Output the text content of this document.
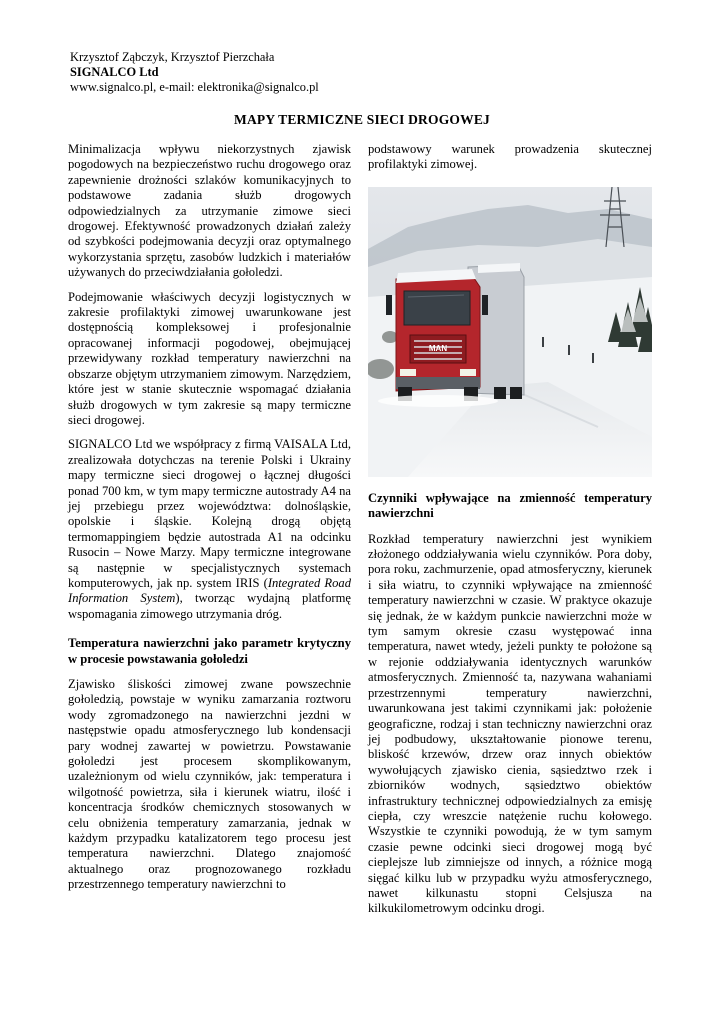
Krzysztof Ząbczyk, Krzysztof Pierzchała
SIGNALCO Ltd
www.signalco.pl, e-mail: elektronika@signalco.pl
MAPY TERMICZNE SIECI DROGOWEJ

Minimalizacja wpływu niekorzystnych zjawisk pogodowych na bezpieczeństwo ruchu drogowego oraz zapewnienie drożności szlaków komunikacyjnych to podstawowe zadania służb drogowych odpowiedzialnych za utrzymanie zimowe sieci drogowej. Efektywność prowadzonych działań zależy od szybkości podejmowania decyzji oraz optymalnego wykorzystania sprzętu, zasobów ludzkich i materiałów używanych do przeciwdziałania gołoledzi.

Podejmowanie właściwych decyzji logistycznych w zakresie profilaktyki zimowej uwarunkowane jest dostępnością kompleksowej i profesjonalnie opracowanej informacji pogodowej, obejmującej przewidywany rozkład temperatury nawierzchni na obszarze objętym utrzymaniem zimowym. Narzędziem, które jest w stanie skutecznie wspomagać działania służb drogowych w tym zakresie są mapy termiczne sieci drogowej.

SIGNALCO Ltd we współpracy z firmą VAISALA Ltd, zrealizowała dotychczas na terenie Polski i Ukrainy mapy termiczne sieci drogowej o łącznej długości ponad 700 km, w tym mapy termiczne autostrady A4 na jej przebiegu przez województwa: dolnośląskie, opolskie i śląskie. Kolejną drogą objętą termomappingiem będzie autostrada A1 na odcinku Rusocin – Nowe Marzy. Mapy termiczne integrowane są następnie w specjalistycznych systemach komputerowych, jak np. system IRIS (Integrated Road Information System), tworząc wydajną platformę wspomagania zimowego utrzymania dróg.

Temperatura nawierzchni jako parametr krytyczny w procesie powstawania gołoledzi

Zjawisko śliskości zimowej zwane powszechnie gołoledzią, powstaje w wyniku zamarzania roztworu wody zgromadzonego na nawierzchni jezdni w następstwie opadu atmosferycznego lub kondensacji pary wodnej zawartej w powietrzu. Powstawanie gołoledzi jest procesem skomplikowanym, uzależnionym od wielu czynników, jak: temperatura i wilgotność powietrza, siła i kierunek wiatru, ilość i koncentracja środków chemicznych stosowanych w celu obniżenia temperatury zamarzania, jednak w każdym przypadku katalizatorem tego procesu jest temperatura nawierzchni. Dlatego znajomość aktualnego oraz prognozowanego rozkładu przestrzennego temperatury nawierzchni to

podstawowy warunek prowadzenia skutecznej profilaktyki zimowej.

MAN
Czynniki wpływające na zmienność temperatury nawierzchni

Rozkład temperatury nawierzchni jest wynikiem złożonego oddziaływania wielu czynników. Pora doby, pora roku, zachmurzenie, opad atmosferyczny, kierunek i siła wiatru, to czynniki wpływające na zmienność temperatury nawierzchni w czasie. W praktyce okazuje się jednak, że w każdym punkcie nawierzchni może w tym samym okresie czasu występować inna temperatura, nawet wtedy, jeżeli punkty te położone są w rejonie oddziaływania identycznych warunków atmosferycznych. Zmienność ta, nazywana wahaniami przestrzennymi temperatury nawierzchni, uwarunkowana jest takimi czynnikami jak: położenie geograficzne, rodzaj i stan techniczny nawierzchni oraz jej podbudowy, ukształtowanie pionowe terenu, bliskość krzewów, drzew oraz innych obiektów wywołujących zjawisko cienia, sąsiedztwo rzek i zbiorników wodnych, sąsiedztwo obiektów infrastruktury technicznej odpowiedzialnych za emisję ciepła, czy wreszcie natężenie ruchu kołowego. Wszystkie te czynniki powodują, że w tym samym czasie pewne odcinki sieci drogowej mogą być cieplejsze lub zimniejsze od innych, a różnice mogą sięgać kilku lub w przypadku wyżu atmosferycznego, nawet kilkunastu stopni Celsjusza na kilkukilometrowym odcinku drogi.
